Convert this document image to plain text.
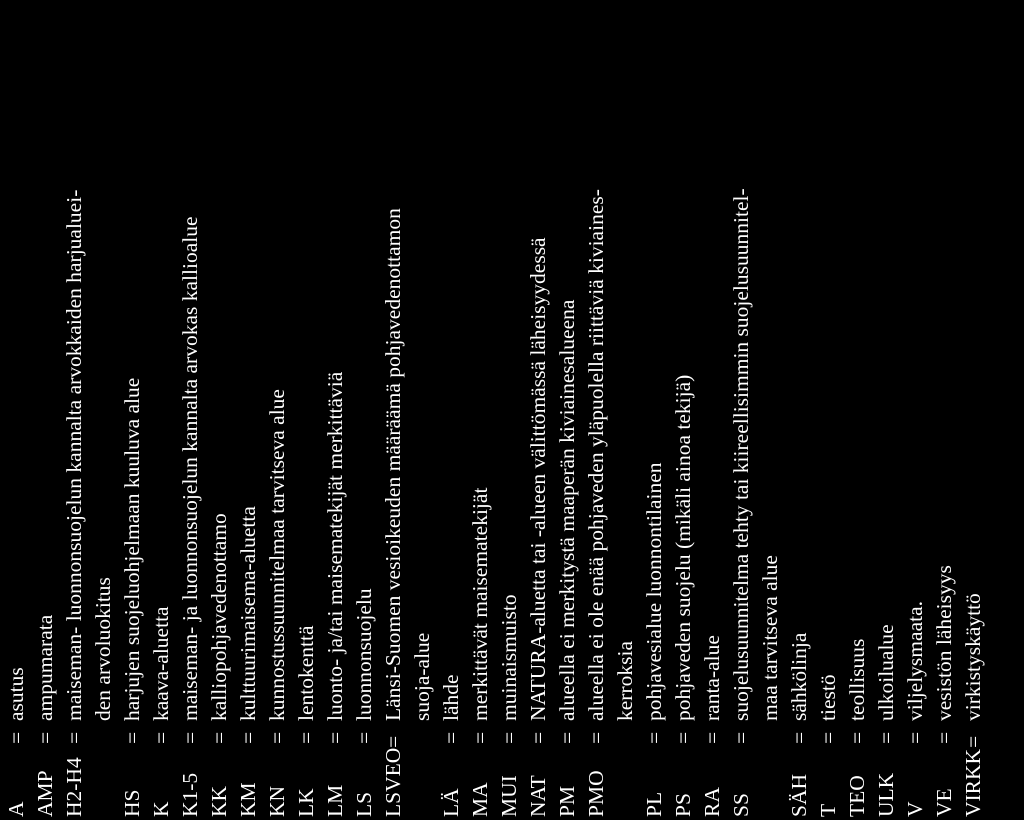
A
=
asutus
AMP
=
ampumarata
H2-H4
=
maiseman- luonnonsuojelun kannalta arvokkaiden harjualuei- den arvoluokitus
HS
=
harjujen suojeluohjelmaan kuuluva alue
K
=
kaava-aluetta
K1-5
=
maiseman- ja luonnonsuojelun kannalta arvokas kallioalue
KK
=
kalliopohjavedenottamo
KM
=
kulttuurimaisema-aluetta
KN
=
kunnostussuunnitelmaa tarvitseva alue
LK
=
lentokenttä
LM
=
luonto- ja/tai maisematekijät merkittäviä
LS
=
luonnonsuojelu
LSVEO
=
Länsi-Suomen vesioikeuden määräämä pohjavedenottamon suoja-alue
LÄ
=
lähde
MA
=
merkittävät maisematekijät
MUI
=
muinaismuisto
NAT
=
NATURA-aluetta tai -alueen välittömässä läheisyydessä
PM
=
alueella ei merkitystä maaperän kiviainesalueena
PMO
=
alueella ei ole enää pohjaveden yläpuolella riittäviä kiviaines- kerroksia
PL
=
pohjavesialue luonnontilainen
PS
=
pohjaveden suojelu (mikäli ainoa tekijä)
RA
=
ranta-alue
SS
=
suojelusuunnitelma tehty tai kiireellisimmin suojelusuunnitel- maa tarvitseva alue
SÄH
=
sähkölinja
T
=
tiestö
TEO
=
teollisuus
ULK
=
ulkoilualue
V
=
viljelysmaata.
VE
=
vesistön läheisyys
VIRKK
=
virkistyskäyttö
